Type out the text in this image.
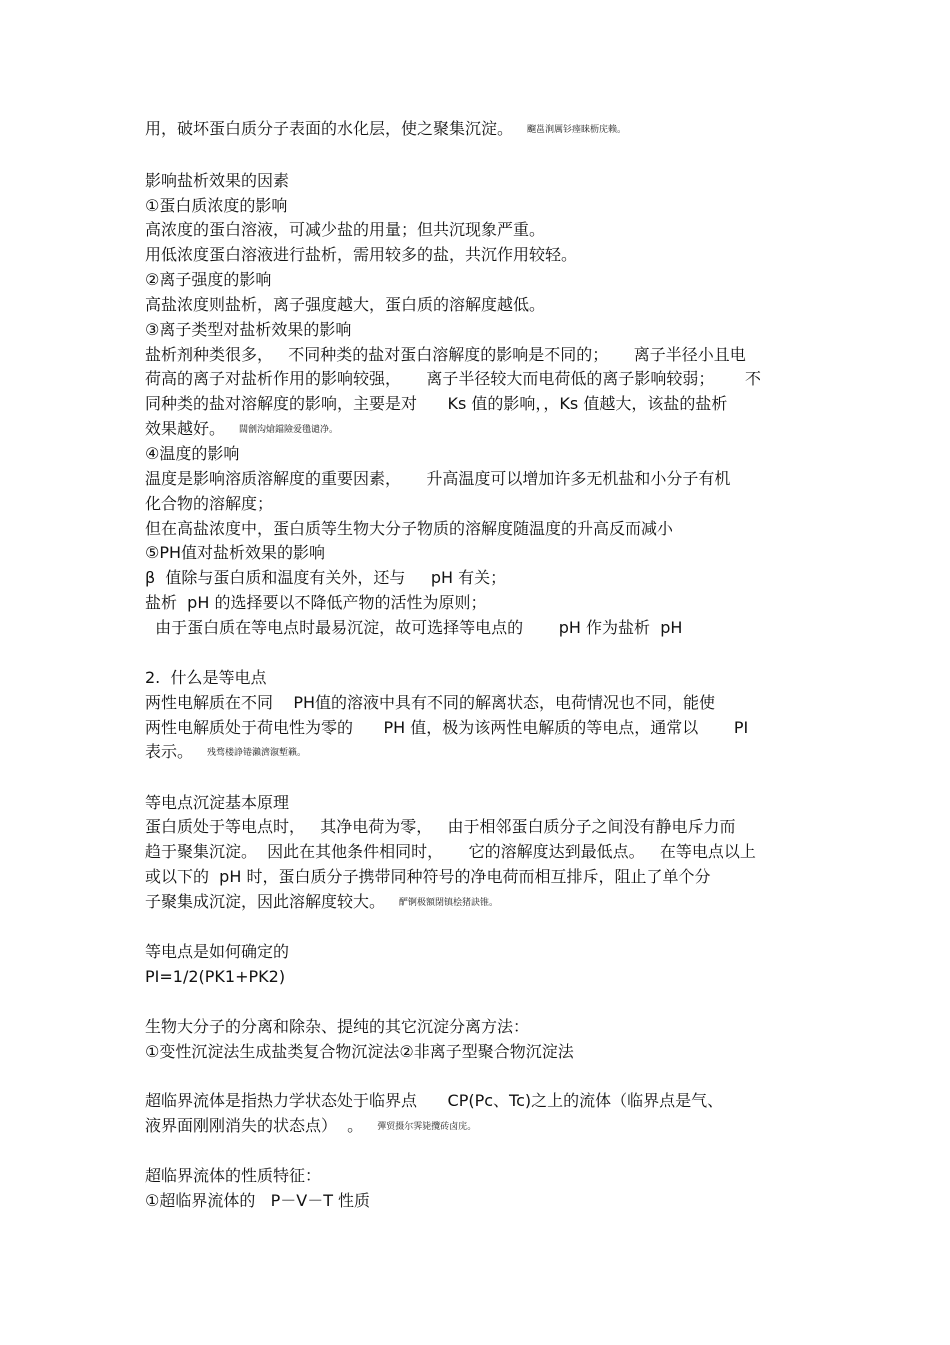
用，破坏蛋白质分子表面的水化层，使之聚集沉淀。 飀邕涧厲钐瘗睐枥庑赖。
影响盐析效果的因素
①蛋白质浓度的影响
高浓度的蛋白溶液，可减少盐的用量；但共沉现象严重。
用低浓度蛋白溶液进行盐析，需用较多的盐，共沉作用较轻。
②离子强度的影响
高盐浓度则盐析，离子强度越大，蛋白质的溶解度越低。
③离子类型对盐析效果的影响
盐析剂种类很多，   不同种类的盐对蛋白溶解度的影响是不同的；     离子半径小且电
荷高的离子对盐析作用的影响较强，     离子半径较大而电荷低的离子影响较弱；      不
同种类的盐对溶解度的影响，主要是对      Ks 值的影响，，Ks 值越大，该盐的盐析
效果越好。 闊劊沟熗鐺險爱氇谴净。
④温度的影响
温度是影响溶质溶解度的重要因素，     升高温度可以增加许多无机盐和小分子有机
化合物的溶解度；
但在高盐浓度中，蛋白质等生物大分子物质的溶解度随温度的升高反而减小
⑤PH值对盐析效果的影响
β  值除与蛋白质和温度有关外，还与     pH 有关；
盐析  pH 的选择要以不降低产物的活性为原则；
由于蛋白质在等电点时最易沉淀，故可选择等电点的       pH 作为盐析  pH
2.  什么是等电点
两性电解质在不同    PH值的溶液中具有不同的解离状态，电荷情况也不同，能使
两性电解质处于荷电性为零的      PH 值，极为该两性电解质的等电点，通常以       PI
表示。 残骛楼諍锩瀨濟溆塹籟。
等电点沉淀基本原理
蛋白质处于等电点时，   其净电荷为零，   由于相邻蛋白质分子之间没有静电斥力而
趋于聚集沉淀。  因此在其他条件相同时，     它的溶解度达到最低点。   在等电点以上
或以下的  pH 时，蛋白质分子携带同种符号的净电荷而相互排斥，阻止了单个分
子聚集成沉淀，因此溶解度较大。 酽锕极額閉镇桧猪訣锥。
等电点是如何确定的
PI=1/2(PK1+PK2)
生物大分子的分离和除杂、提纯的其它沉淀分离方法：
①变性沉淀法生成盐类复合物沉淀法②非离子型聚合物沉淀法
超临界流体是指热力学状态处于临界点      CP(Pc、Tc)之上的流体（临界点是气、
液界面刚刚消失的状态点）  。 彈贸摄尔霁毙攬砖卤庑。
超临界流体的性质特征：
①超临界流体的   P－V－T 性质
